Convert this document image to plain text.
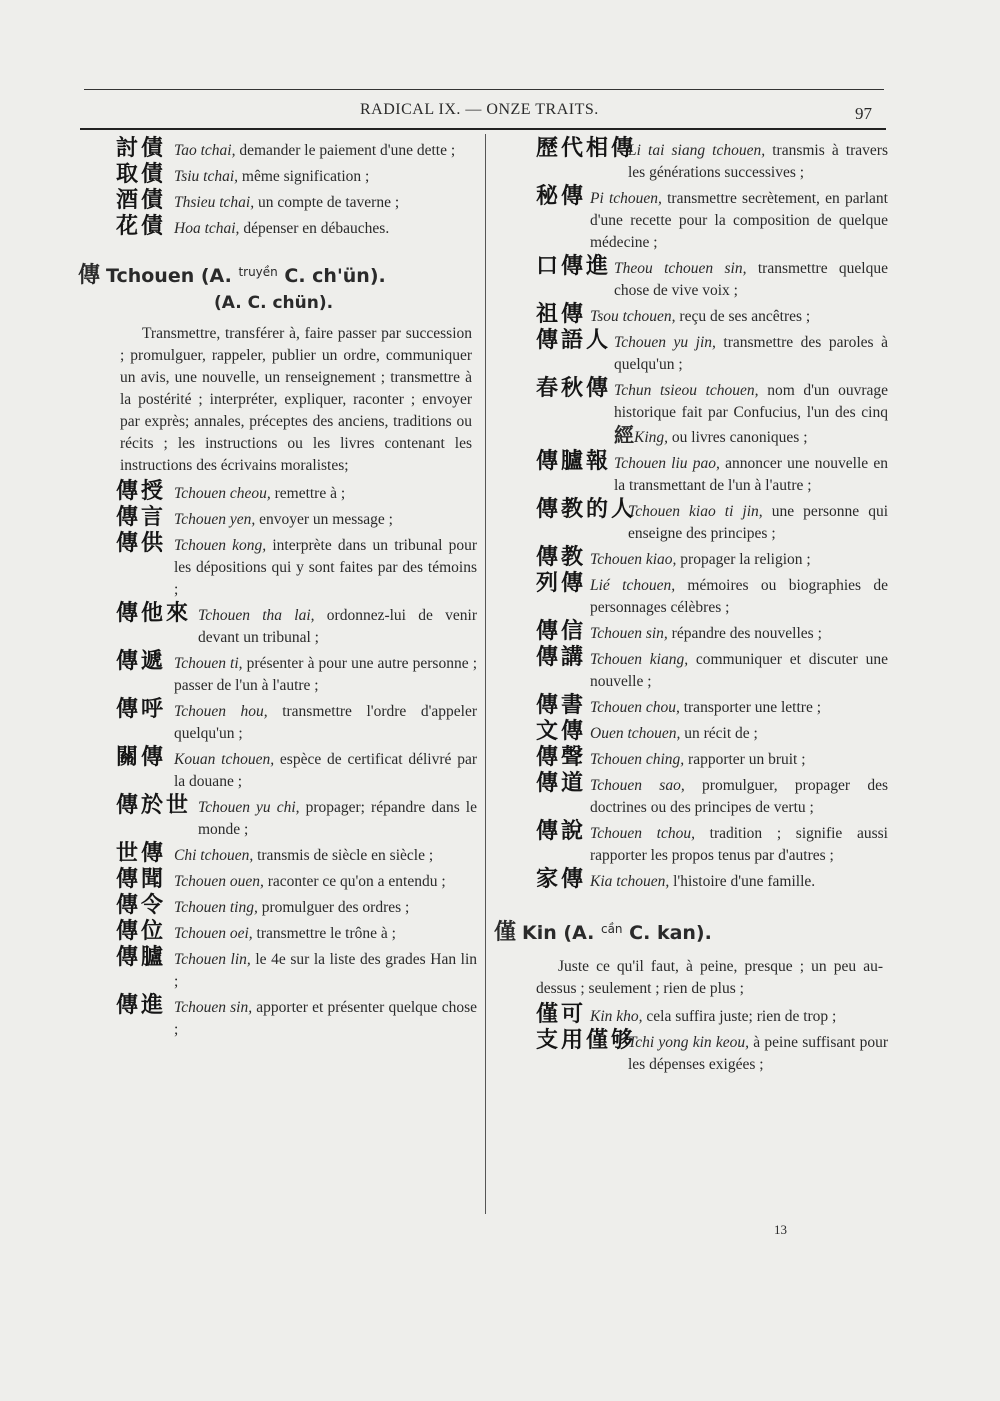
RADICAL IX. — ONZE TRAITS.	97
討債 Tao tchai, demander le paiement d'une dette ;
取債 Tsiu tchai, même signification ;
酒債 Thsieu tchai, un compte de taverne ;
花債 Hoa tchai, dépenser en débauches.
傳 Tchouen (A. $^{truyền}$ C. ch'ün).
(A. C. chün).
Transmettre, transférer à, faire passer par succession ; promulguer, rappeler, publier un ordre, communiquer un avis, une nouvelle, un renseignement ; transmettre à la postérité ; interpréter, expliquer, raconter ; envoyer par exprès; annales, préceptes des anciens, traditions ou récits ; les instructions ou les livres contenant les instructions des écrivains moralistes;
傳授 Tchouen cheou, remettre à ;
傳言 Tchouen yen, envoyer un message ;
傳供 Tchouen kong, interprète dans un tribunal pour les dépositions qui y sont faites par des témoins ;
傳他來 Tchouen tha lai, ordonnez-lui de venir devant un tribunal ;
傳遞 Tchouen ti, présenter à pour une autre personne ; passer de l'un à l'autre ;
傳呼 Tchouen hou, transmettre l'ordre d'appeler quelqu'un ;
關傳 Kouan tchouen, espèce de certificat délivré par la douane ;
傳於世 Tchouen yu chi, propager; répandre dans le monde ;
世傳 Chi tchouen, transmis de siècle en siècle ;
傳聞 Tchouen ouen, raconter ce qu'on a entendu ;
傳令 Tchouen ting, promulguer des ordres ;
傳位 Tchouen oei, transmettre le trône à ;
傳臚 Tchouen lin, le 4e sur la liste des grades Han lin ;
傳進 Tchouen sin, apporter et présenter quelque chose ;
歷代相傳
Li tai siang tchouen, transmis à travers les générations successives ;
秘傳 Pi tchouen, transmettre secrètement, en parlant d'une recette pour la composition de quelque médecine ;
口傳進 Theou tchouen sin, transmettre quelque chose de vive voix ;
祖傳 Tsou tchouen, reçu de ses ancêtres ;
傳語人 Tchouen yu jin, transmettre des paroles à quelqu'un ;
春秋傳 Tchun tsieou tchouen, nom d'un ouvrage historique fait par Confucius, l'un des cinq 經King, ou livres canoniques ;
傳臚報 Tchouen liu pao, annoncer une nouvelle en la transmettant de l'un à l'autre ;
傳教的人
Tchouen kiao ti jin, une personne qui enseigne des principes ;
傳教 Tchouen kiao, propager la religion ;
列傳 Lié tchouen, mémoires ou biographies de personnages célèbres ;
傳信 Tchouen sin, répandre des nouvelles ;
傳講 Tchouen kiang, communiquer et discuter une nouvelle ;
傳書 Tchouen chou, transporter une lettre ;
文傳 Ouen tchouen, un récit de ;
傳聲 Tchouen ching, rapporter un bruit ;
傳道 Tchouen sao, promulguer, propager des doctrines ou des principes de vertu ;
傳說 Tchouen tchou, tradition ; signifie aussi rapporter les propos tenus par d'autres ;
家傳 Kia tchouen, l'histoire d'une famille.
僅 Kin (A. $^{cần}$ C. kan).
Juste ce qu'il faut, à peine, presque ; un peu au-dessus ; seulement ; rien de plus ;
僅可 Kin kho, cela suffira juste; rien de trop ;
支用僅够
Tchi yong kin keou, à peine suffisant pour les dépenses exigées ;
13
